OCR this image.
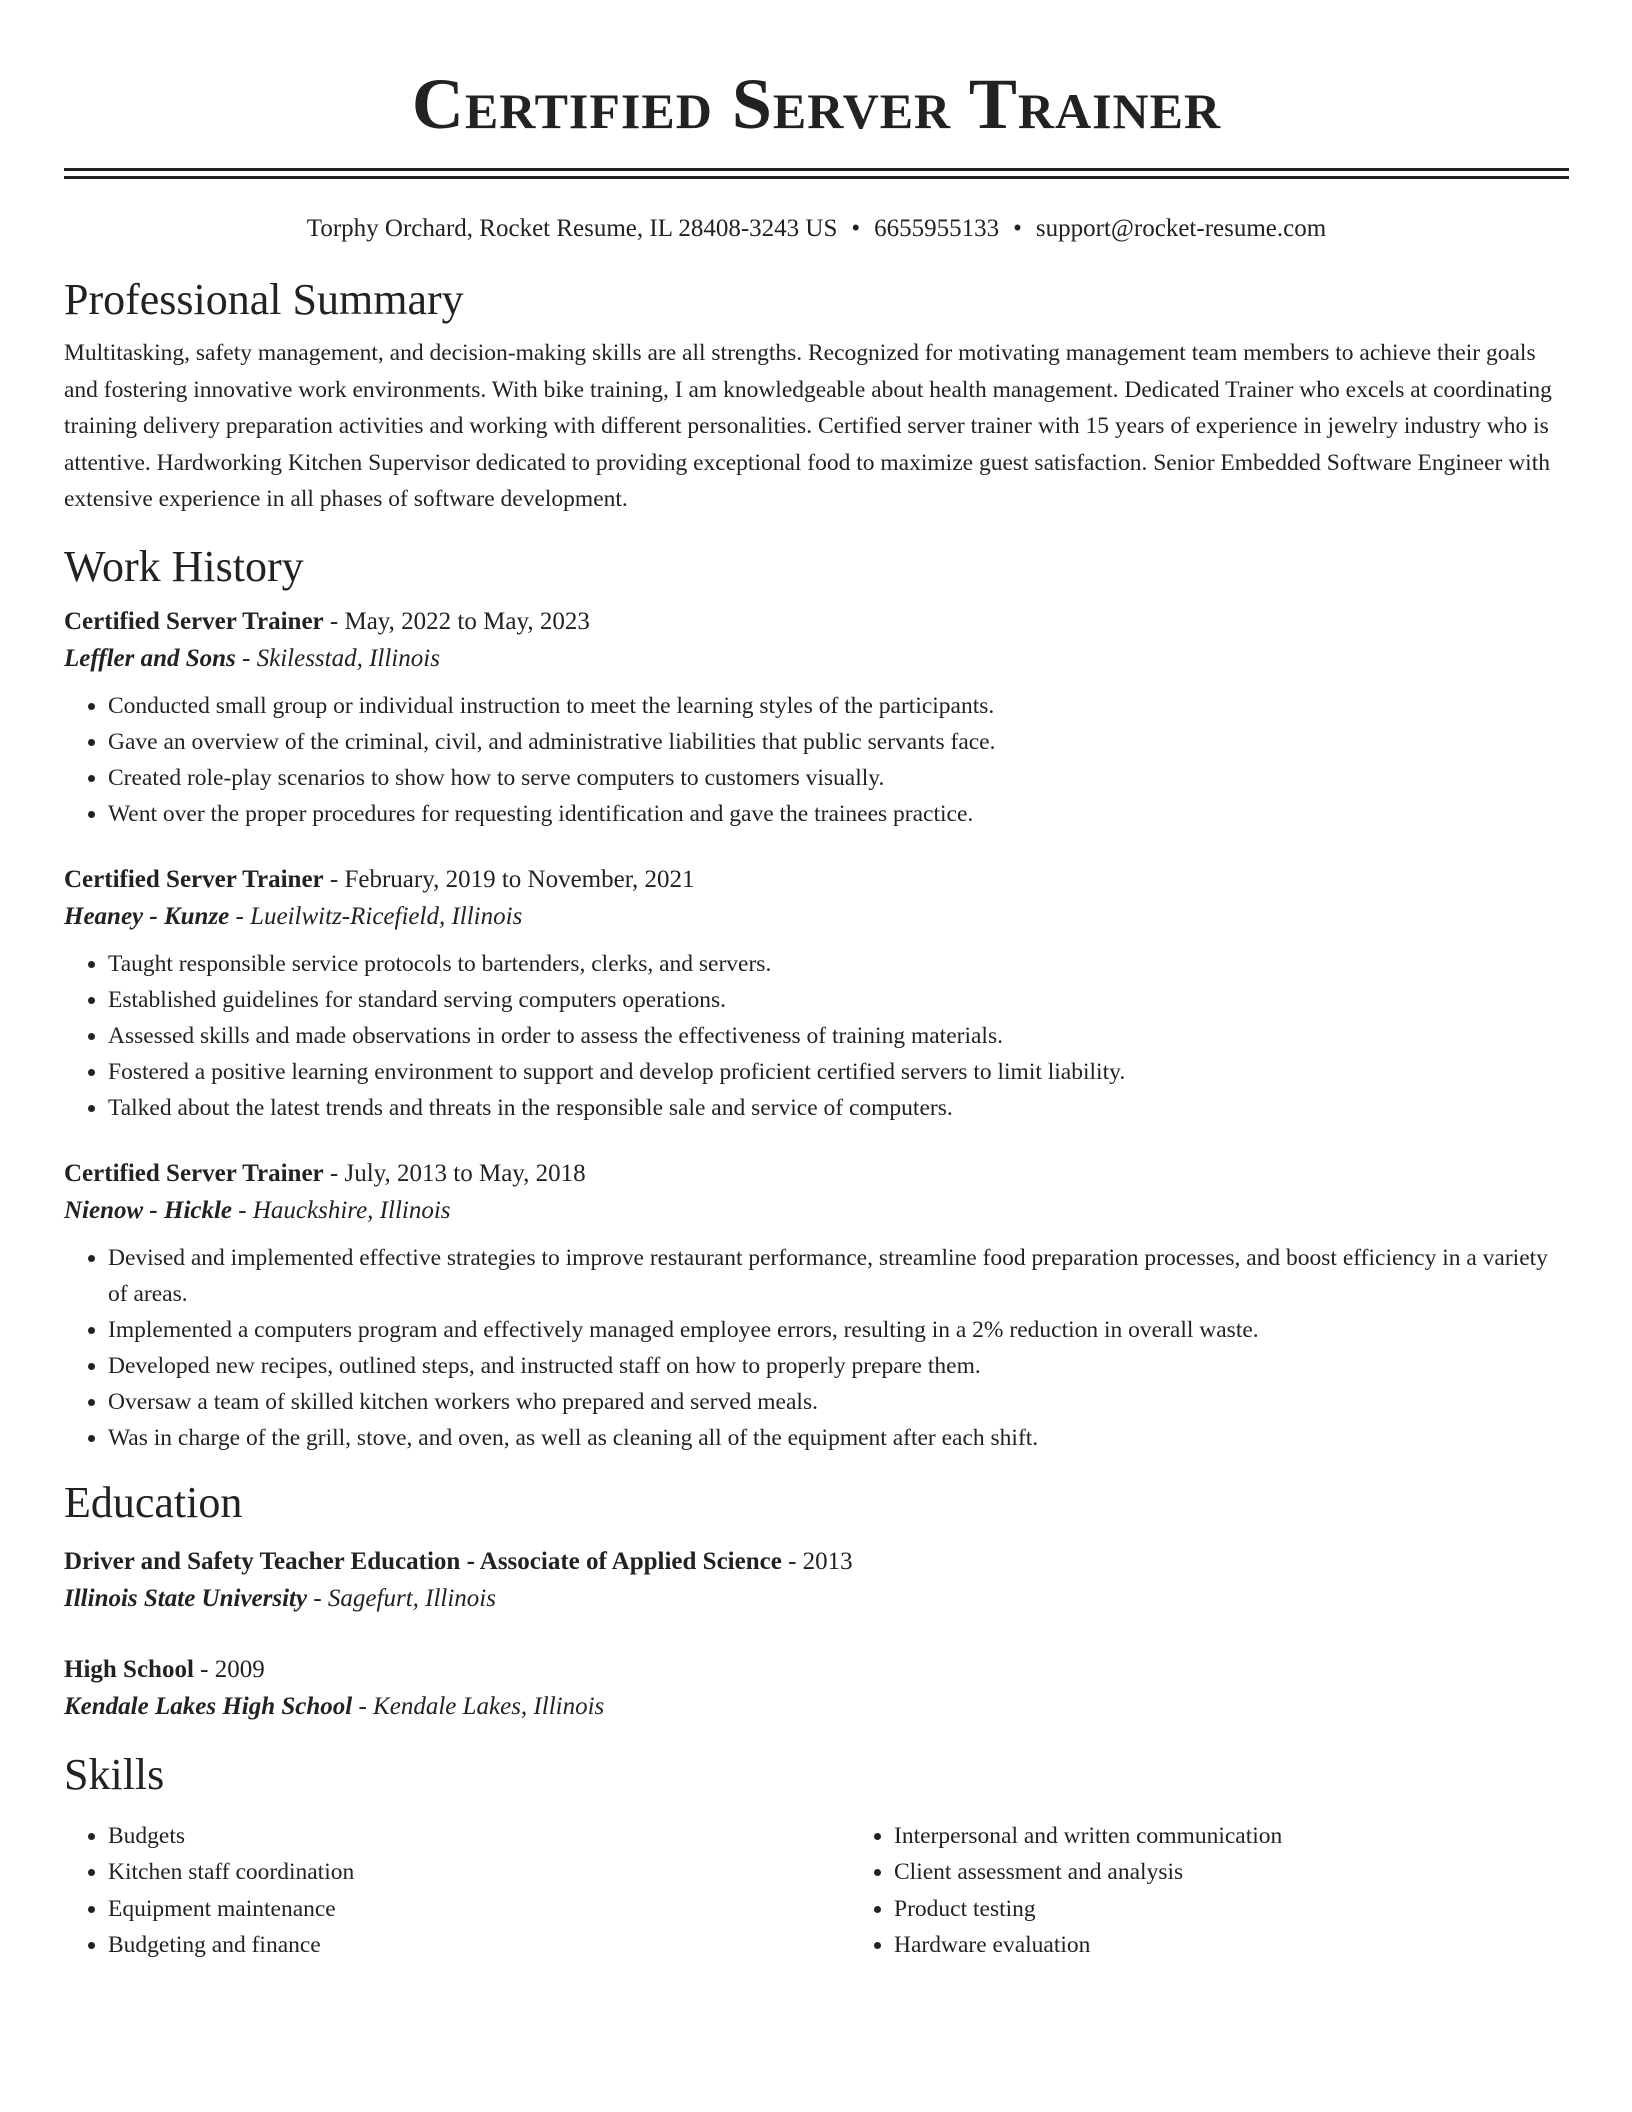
Certified Server Trainer
Torphy Orchard, Rocket Resume, IL 28408-3243 US • 6655955133 • support@rocket-resume.com
Professional Summary

Multitasking, safety management, and decision-making skills are all strengths. Recognized for motivating management team members to achieve their goals and fostering innovative work environments. With bike training, I am knowledgeable about health management. Dedicated Trainer who excels at coordinating training delivery preparation activities and working with different personalities. Certified server trainer with 15 years of experience in jewelry industry who is attentive. Hardworking Kitchen Supervisor dedicated to providing exceptional food to maximize guest satisfaction. Senior Embedded Software Engineer with extensive experience in all phases of software development.

Work History
Certified Server Trainer - May, 2022 to May, 2023
Leffler and Sons - Skilesstad, Illinois
• Conducted small group or individual instruction to meet the learning styles of the participants.
• Gave an overview of the criminal, civil, and administrative liabilities that public servants face.
• Created role-play scenarios to show how to serve computers to customers visually.
• Went over the proper procedures for requesting identification and gave the trainees practice.
Certified Server Trainer - February, 2019 to November, 2021
Heaney - Kunze - Lueilwitz-Ricefield, Illinois
• Taught responsible service protocols to bartenders, clerks, and servers.
• Established guidelines for standard serving computers operations.
• Assessed skills and made observations in order to assess the effectiveness of training materials.
• Fostered a positive learning environment to support and develop proficient certified servers to limit liability.
• Talked about the latest trends and threats in the responsible sale and service of computers.
Certified Server Trainer - July, 2013 to May, 2018
Nienow - Hickle - Hauckshire, Illinois
• Devised and implemented effective strategies to improve restaurant performance, streamline food preparation processes, and boost efficiency in a variety of areas.
• Implemented a computers program and effectively managed employee errors, resulting in a 2% reduction in overall waste.
• Developed new recipes, outlined steps, and instructed staff on how to properly prepare them.
• Oversaw a team of skilled kitchen workers who prepared and served meals.
• Was in charge of the grill, stove, and oven, as well as cleaning all of the equipment after each shift.
Education
Driver and Safety Teacher Education - Associate of Applied Science - 2013
Illinois State University - Sagefurt, Illinois
High School - 2009
Kendale Lakes High School - Kendale Lakes, Illinois
Skills
• Budgets
• Kitchen staff coordination
• Equipment maintenance
• Budgeting and finance
• Interpersonal and written communication
• Client assessment and analysis
• Product testing
• Hardware evaluation
